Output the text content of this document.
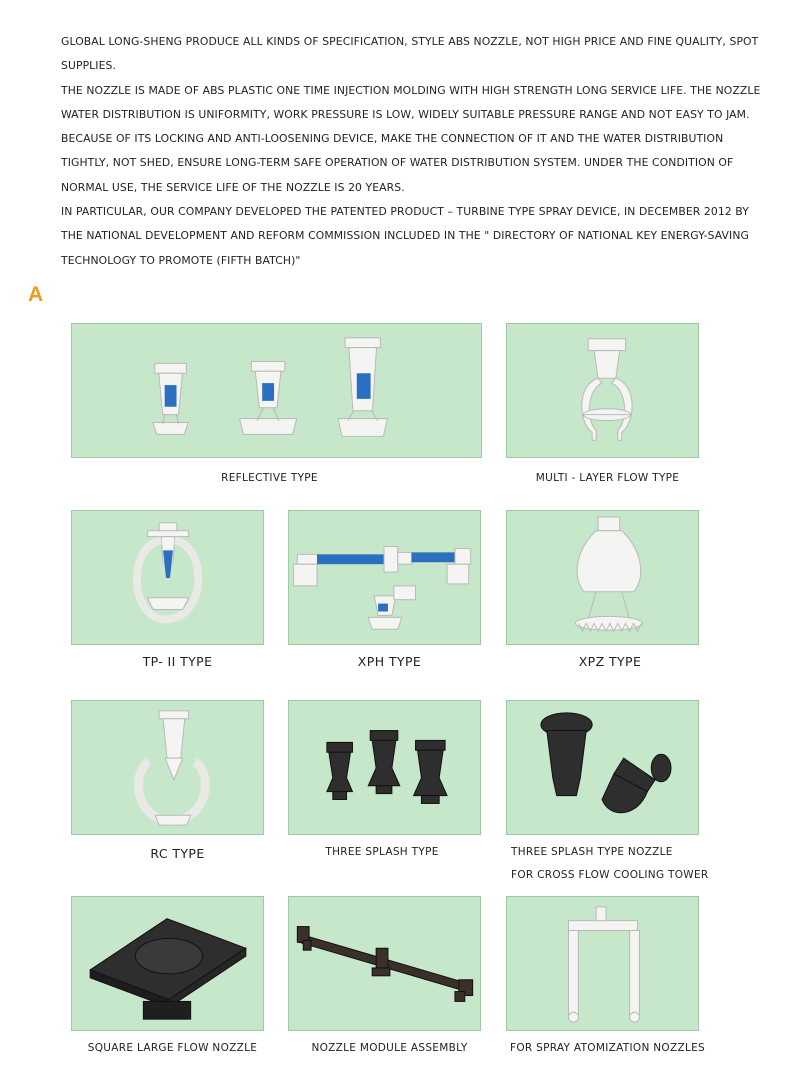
GLOBAL LONG-SHENG PRODUCE ALL KINDS OF SPECIFICATION, STYLE ABS NOZZLE, NOT HIGH PRICE AND FINE QUALITY, SPOT SUPPLIES.

THE NOZZLE IS MADE OF ABS PLASTIC ONE TIME INJECTION MOLDING WITH HIGH STRENGTH LONG SERVICE LIFE. THE NOZZLE WATER DISTRIBUTION IS UNIFORMITY, WORK PRESSURE IS LOW, WIDELY SUITABLE PRESSURE RANGE AND NOT EASY TO JAM. BECAUSE OF ITS LOCKING AND ANTI-LOOSENING DEVICE, MAKE THE CONNECTION OF IT AND THE WATER DISTRIBUTION TIGHTLY, NOT SHED, ENSURE LONG-TERM SAFE OPERATION OF WATER DISTRIBUTION SYSTEM. UNDER THE CONDITION OF NORMAL USE, THE SERVICE LIFE OF THE NOZZLE IS 20 YEARS.

IN PARTICULAR, OUR COMPANY DEVELOPED THE PATENTED PRODUCT – TURBINE TYPE SPRAY DEVICE, IN DECEMBER 2012 BY THE NATIONAL DEVELOPMENT AND REFORM COMMISSION INCLUDED IN THE " DIRECTORY OF NATIONAL KEY ENERGY-SAVING TECHNOLOGY TO PROMOTE (FIFTH BATCH)"

A
REFLECTIVE TYPE	MULTI - LAYER FLOW TYPE
TP- II TYPE	XPH TYPE	XPZ TYPE
RC TYPE	THREE SPLASH TYPE	THREE SPLASH TYPE NOZZLE
FOR CROSS FLOW COOLING TOWER
SQUARE LARGE FLOW NOZZLE	NOZZLE MODULE ASSEMBLY	FOR SPRAY ATOMIZATION NOZZLES
